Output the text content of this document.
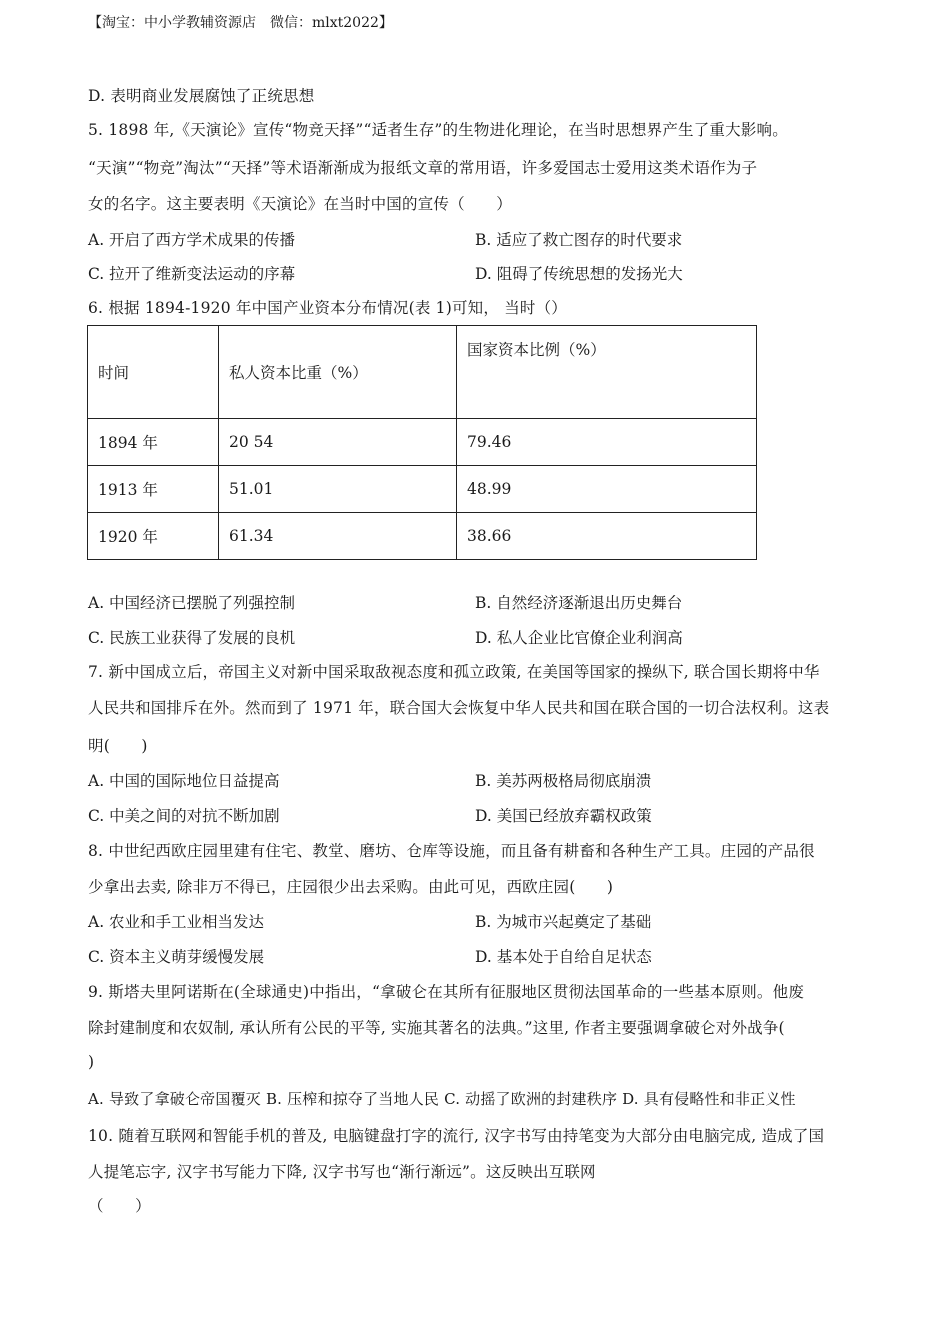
【淘宝：中小学教辅资源店　微信：mlxt2022】
D. 表明商业发展腐蚀了正统思想
5. 1898 年,《天演论》宣传“物竞天择”“适者生存”的生物进化理论，在当时思想界产生了重大影响。
“天演”“物竞”淘汰”“天择”等术语渐渐成为报纸文章的常用语，许多爱国志士爱用这类术语作为子
女的名字。这主要表明《天演论》在当时中国的宣传（　　）
A. 开启了西方学术成果的传播	B. 适应了救亡图存的时代要求
C. 拉开了维新变法运动的序幕	D. 阻碍了传统思想的发扬光大
6. 根据 1894-1920 年中国产业资本分布情况(表 1)可知， 当时（）
时间	私人资本比重（%）	国家资本比例（%）
1894 年	20 54	79.46
1913 年	51.01	48.99
1920 年	61.34	38.66
A. 中国经济已摆脱了列强控制	B. 自然经济逐渐退出历史舞台
C. 民族工业获得了发展的良机	D. 私人企业比官僚企业利润高
7. 新中国成立后，帝国主义对新中国采取敌视态度和孤立政策, 在美国等国家的操纵下, 联合国长期将中华
人民共和国排斥在外。然而到了 1971 年，联合国大会恢复中华人民共和国在联合国的一切合法权利。这表
明(　　)
A. 中国的国际地位日益提高	B. 美苏两极格局彻底崩溃
C. 中美之间的对抗不断加剧	D. 美国已经放弃霸权政策
8. 中世纪西欧庄园里建有住宅、教堂、磨坊、仓库等设施，而且备有耕畜和各种生产工具。庄园的产品很
少拿出去卖, 除非万不得已，庄园很少出去采购。由此可见，西欧庄园(　　)
A. 农业和手工业相当发达	B. 为城市兴起奠定了基础
C. 资本主义萌芽缓慢发展	D. 基本处于自给自足状态
9. 斯塔夫里阿诺斯在(全球通史)中指出，“拿破仑在其所有征服地区贯彻法国革命的一些基本原则。他废
除封建制度和农奴制, 承认所有公民的平等, 实施其著名的法典。”这里, 作者主要强调拿破仑对外战争(
)
A. 导致了拿破仑帝国覆灭 B. 压榨和掠夺了当地人民 C. 动摇了欧洲的封建秩序 D. 具有侵略性和非正义性
10. 随着互联网和智能手机的普及, 电脑键盘打字的流行, 汉字书写由持笔变为大部分由电脑完成, 造成了国
人提笔忘字, 汉字书写能力下降, 汉字书写也“渐行渐远”。这反映出互联网
（　　）
